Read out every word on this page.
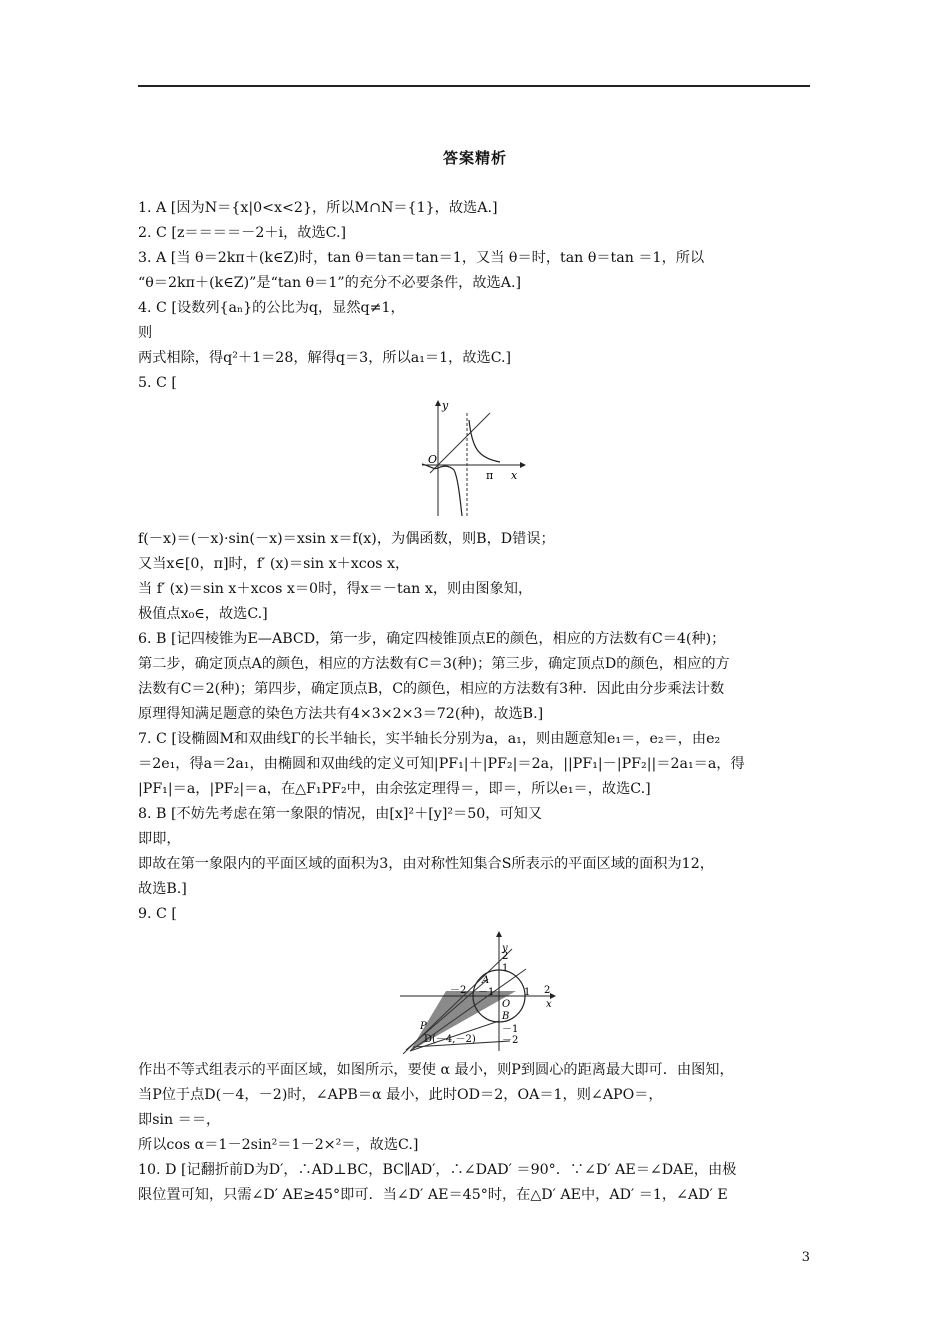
答案精析
1. A [因为N＝{x|0<x<2}，所以M∩N＝{1}，故选A.]
2. C [z＝＝＝＝－2＋i，故选C.]
3. A [当 θ＝2kπ＋(k∈Z)时，tan θ＝tan＝tan＝1，又当 θ＝时，tan θ＝tan ＝1，所以
“θ＝2kπ＋(k∈Z)”是“tan θ＝1”的充分不必要条件，故选A.]
4. C [设数列{aₙ}的公比为q，显然q≠1，
则
两式相除，得q²＋1＝28，解得q＝3，所以a₁＝1，故选C.]
5. C [
y
O
π x
f(－x)＝(－x)·sin(－x)＝xsin x＝f(x)，为偶函数，则B，D错误；
又当x∈[0，π]时，f′ (x)＝sin x＋xcos x，
当 f′ (x)＝sin x＋xcos x＝0时，得x＝－tan x，则由图象知，
极值点x₀∈，故选C.]
6. B [记四棱锥为E—ABCD，第一步，确定四棱锥顶点E的颜色，相应的方法数有C＝4(种)；
第二步，确定顶点A的颜色，相应的方法数有C＝3(种)；第三步，确定顶点D的颜色，相应的方
法数有C＝2(种)；第四步，确定顶点B，C的颜色，相应的方法数有3种．因此由分步乘法计数
原理得知满足题意的染色方法共有4×3×2×3＝72(种)，故选B.]
7. C [设椭圆M和双曲线Γ的长半轴长，实半轴长分别为a，a₁，则由题意知e₁＝，e₂＝，由e₂
＝2e₁，得a＝2a₁，由椭圆和双曲线的定义可知|PF₁|＋|PF₂|＝2a，||PF₁|－|PF₂||＝2a₁＝a，得
|PF₁|＝a，|PF₂|＝a，在△F₁PF₂中，由余弦定理得＝，即＝，所以e₁＝，故选C.]
8. B [不妨先考虑在第一象限的情况，由[x]²＋[y]²＝50，可知又
即即，
即故在第一象限内的平面区域的面积为3，由对称性知集合S所表示的平面区域的面积为12，
故选B.]
9. C [
y
2
1
－1
－2
1 2
x
－1
－2
O
A
B
P
D(－4,－2)
作出不等式组表示的平面区域，如图所示，要使 α 最小，则P到圆心的距离最大即可．由图知，
当P位于点D(－4，－2)时，∠APB＝α 最小，此时OD＝2，OA＝1，则∠APO＝，
即sin ＝＝，
所以cos α＝1－2sin²＝1－2×²＝，故选C.]
10. D [记翻折前D为D′，∴AD⊥BC，BC∥AD′，∴∠DAD′ ＝90°．∵∠D′ AE＝∠DAE，由极
限位置可知，只需∠D′ AE≥45°即可．当∠D′ AE＝45°时，在△D′ AE中，AD′ ＝1，∠AD′ E
3
